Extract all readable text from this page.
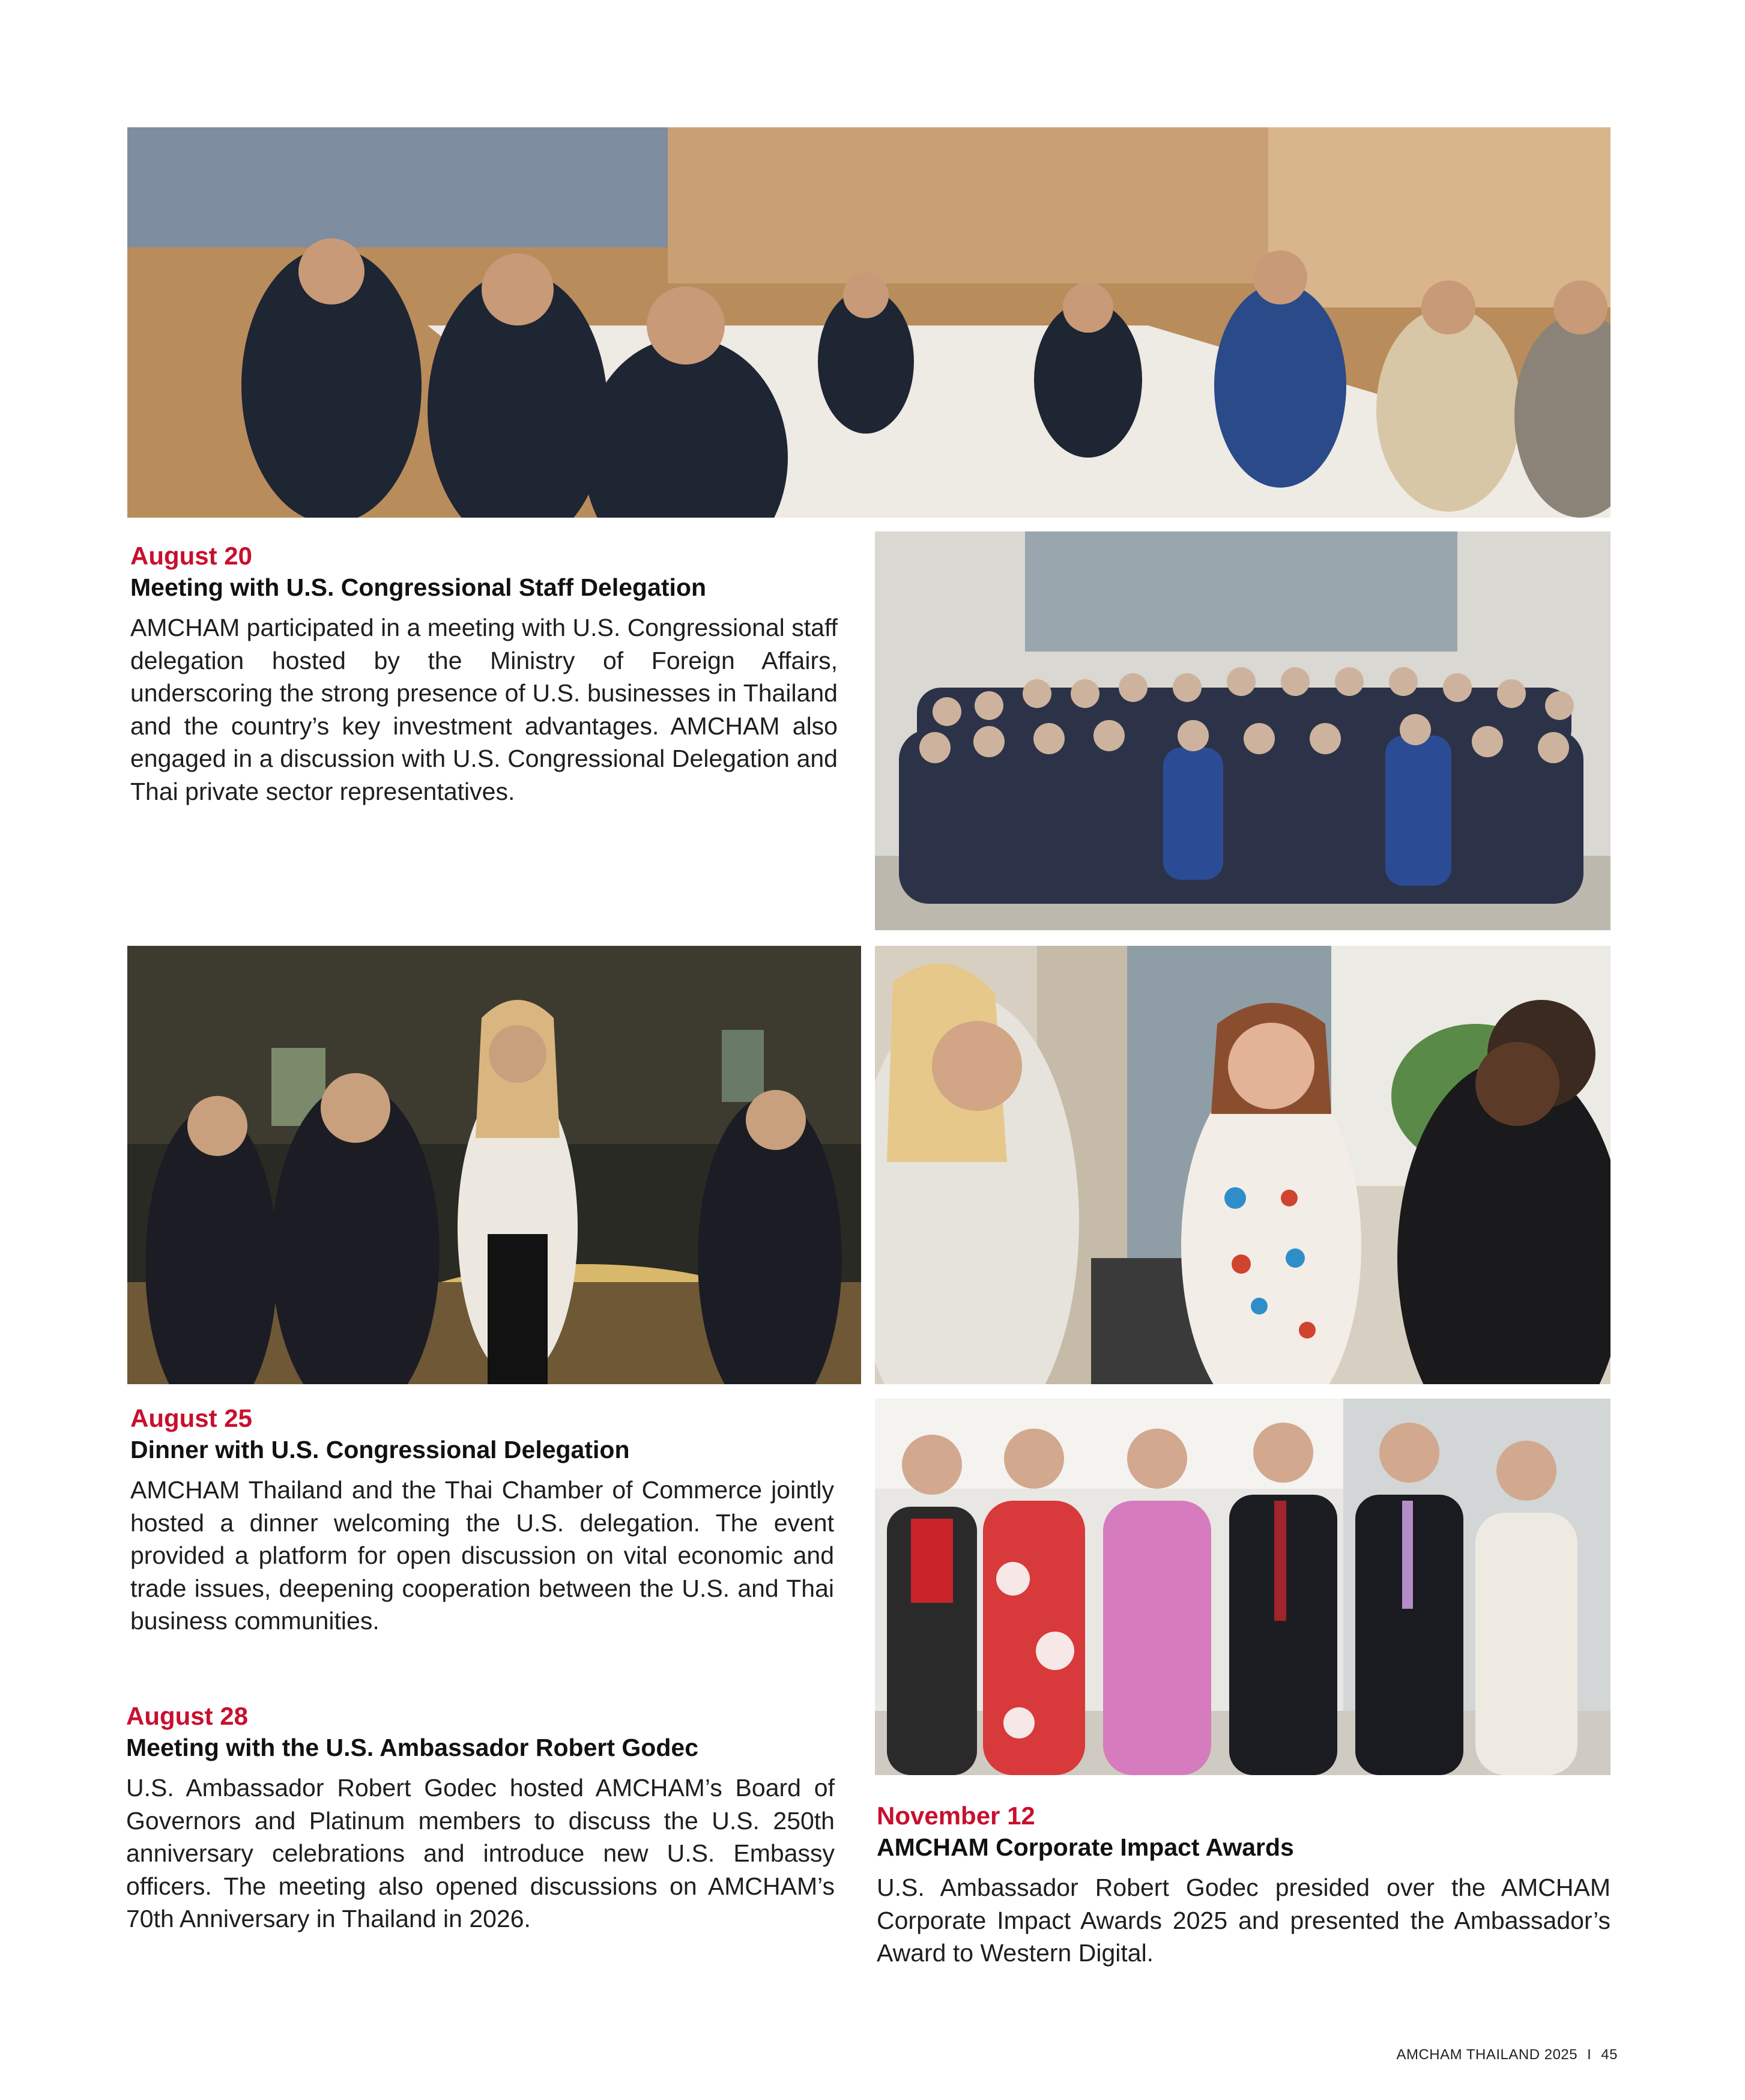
August 20

Meeting with U.S. Congressional Staff Delegation

AMCHAM participated in a meeting with U.S. Congressional staff delegation hosted by the Ministry of Foreign Affairs, underscoring the strong presence of U.S. businesses in Thailand and the country’s key investment advantages. AMCHAM also engaged in a discussion with U.S. Congressional Delegation and Thai private sector representatives.

August 25

Dinner with U.S. Congressional Delegation

AMCHAM Thailand and the Thai Chamber of Commerce jointly hosted a dinner welcoming the U.S. delegation. The event provided a platform for open discussion on vital economic and trade issues, deepening cooperation between the U.S. and Thai business communities.

August 28

Meeting with the U.S. Ambassador Robert Godec

U.S. Ambassador Robert Godec hosted AMCHAM’s Board of Governors and Platinum members to discuss the U.S. 250th anniversary celebrations and introduce new U.S. Embassy officers. The meeting also opened discussions on AMCHAM’s 70th Anniversary in Thailand in 2026.

November 12

AMCHAM Corporate Impact Awards

U.S. Ambassador Robert Godec presided over the AMCHAM Corporate Impact Awards 2025 and presented the Ambassador’s Award to Western Digital.

AMCHAM THAILAND 2025 I 45
